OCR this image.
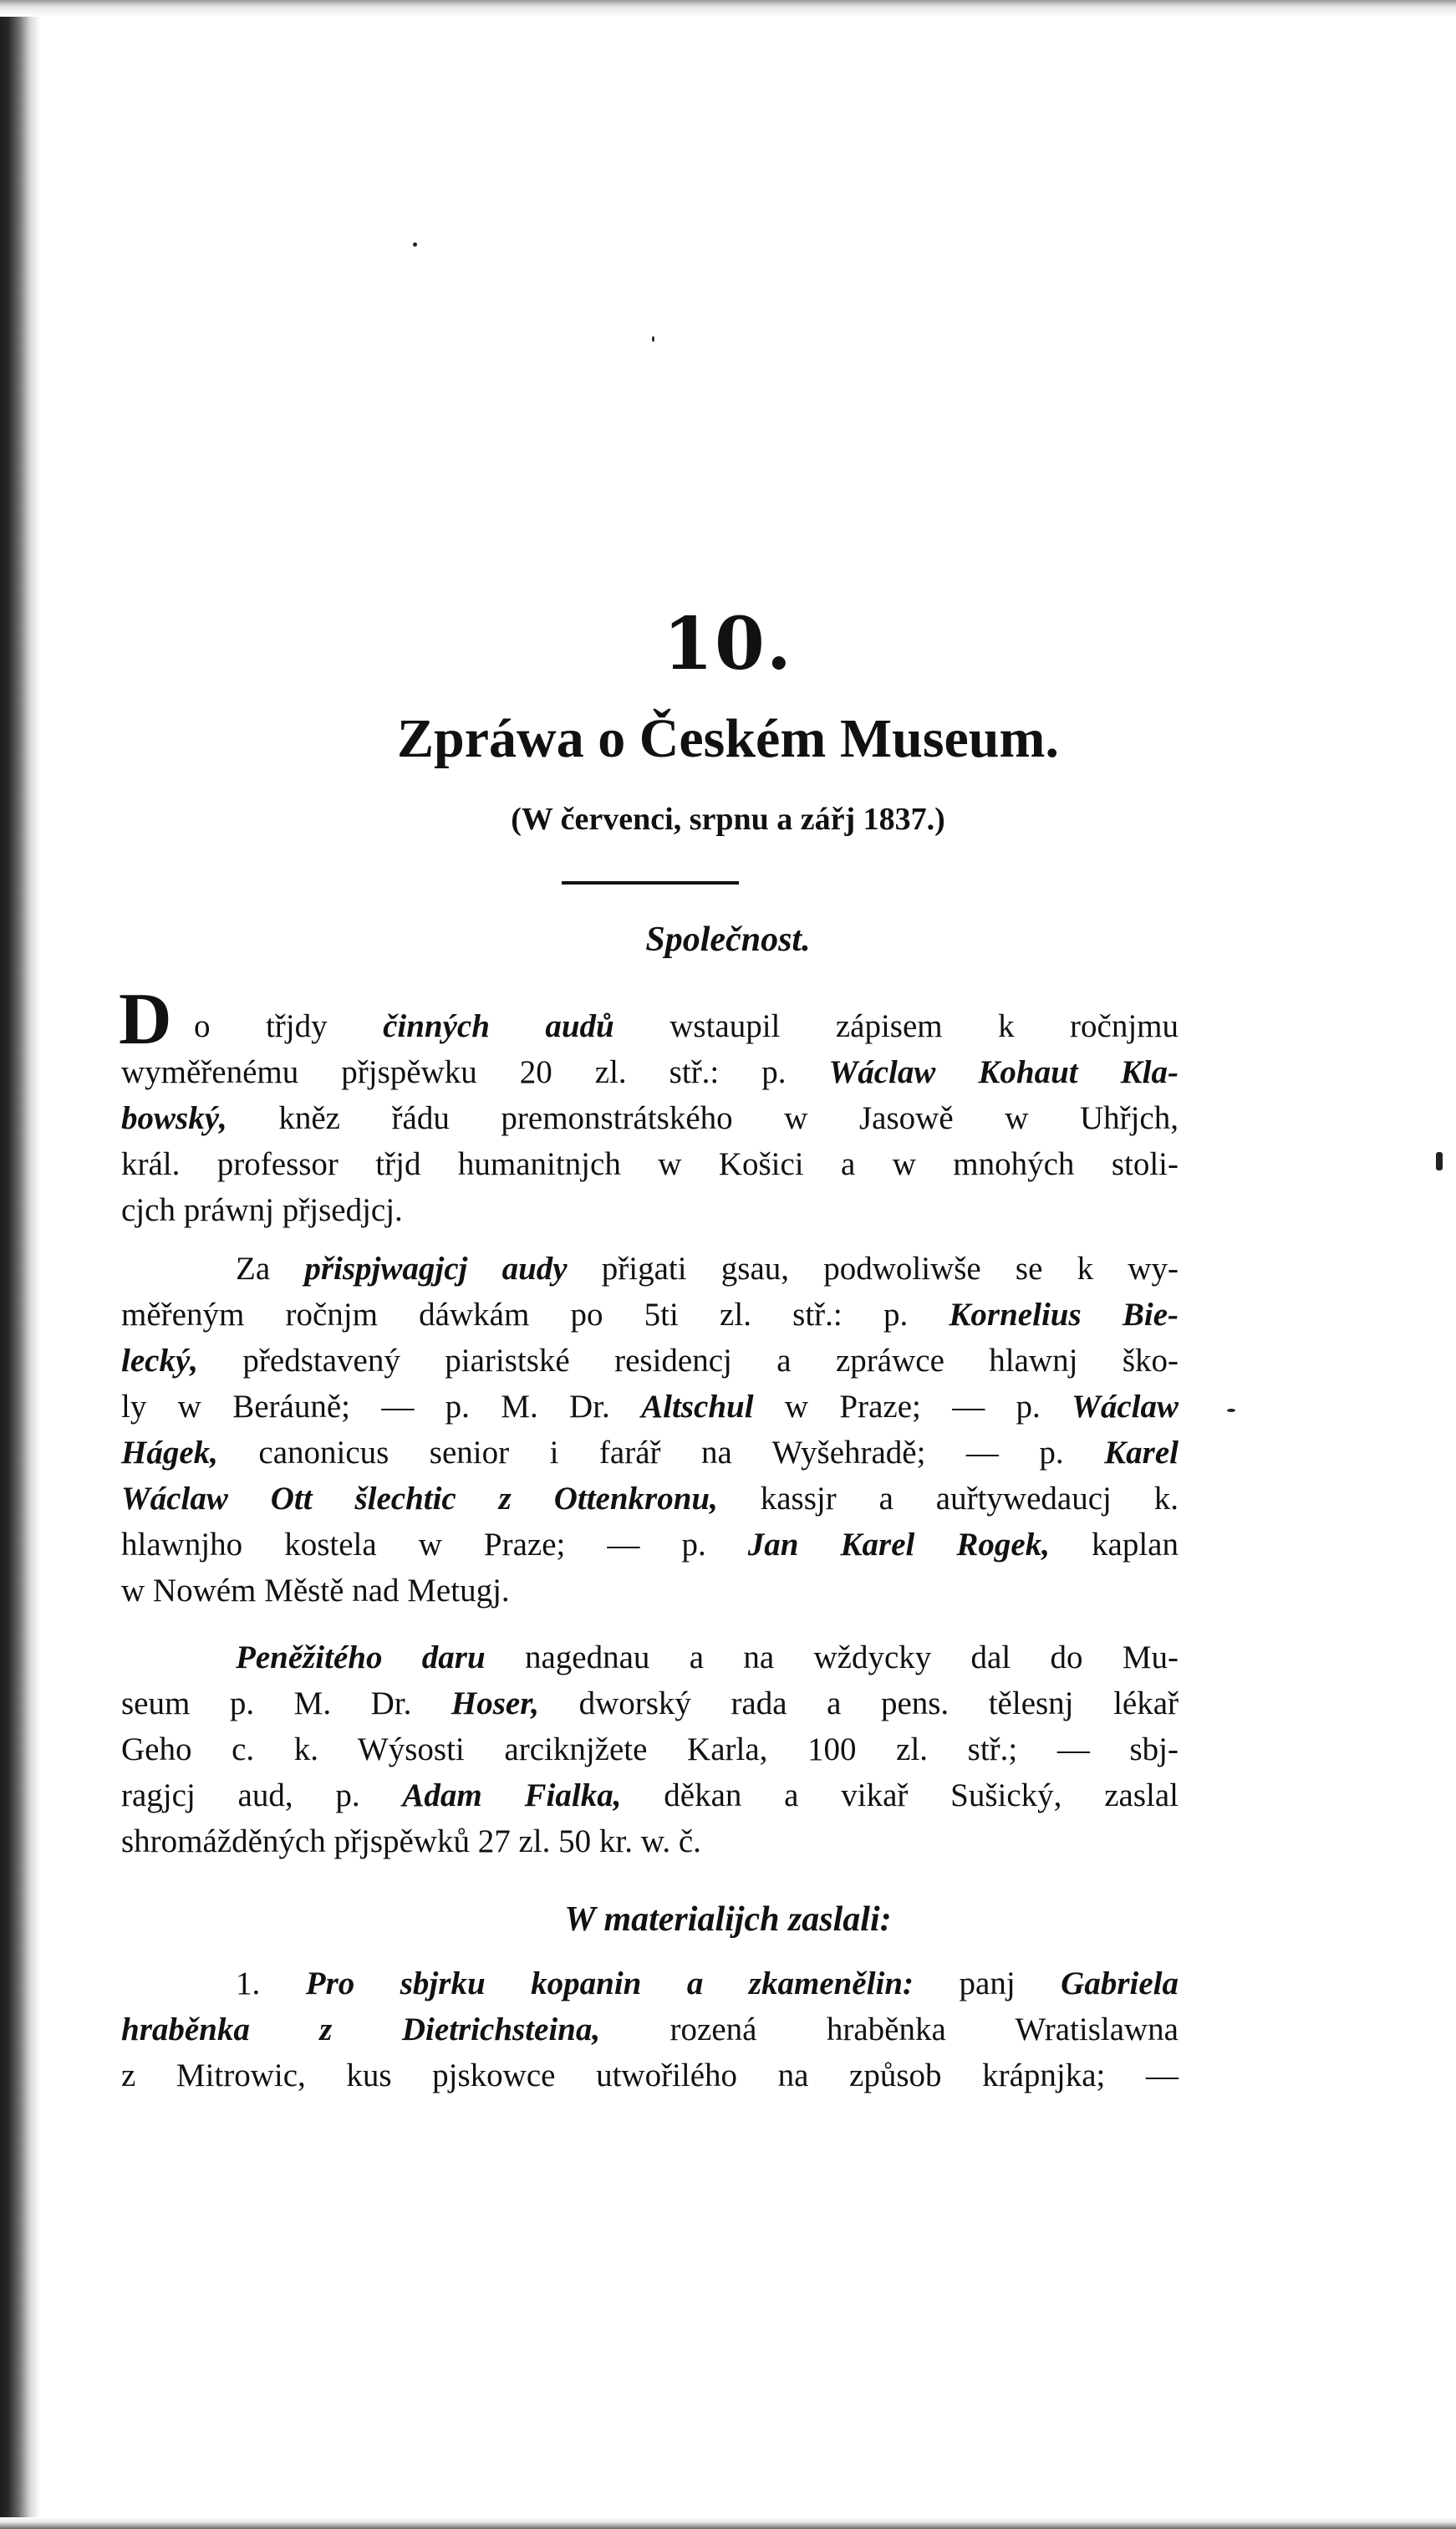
10.
Zpráwa o Českém Museum.
(W červenci, srpnu a zářj 1837.)
Společnost.
D o třjdy činných audů wstaupil zápisem k ročnjmu
wyměřenému přjspěwku 20 zl. stř.: p. Wáclaw Kohaut Kla-
bowský, kněz řádu premonstrátského w Jasowě w Uhřjch,
král. professor třjd humanitnjch w Košici a w mnohých stoli-
cjch práwnj přjsedjcj.
Za přispjwagjcj audy přigati gsau, podwoliwše se k wy-
měřeným ročnjm dáwkám po 5ti zl. stř.: p. Kornelius Bie-
lecký, představený piaristské residencj a zpráwce hlawnj ško-
ly w Beráuně; — p. M. Dr. Altschul w Praze; — p. Wáclaw
Hágek, canonicus senior i farář na Wyšehradě; — p. Karel
Wáclaw Ott šlechtic z Ottenkronu, kassjr a auřtywedaucj k.
hlawnjho kostela w Praze; — p. Jan Karel Rogek, kaplan
w Nowém Městě nad Metugj.
Peněžitého daru nagednau a na wždycky dal do Mu-
seum p. M. Dr. Hoser, dworský rada a pens. tělesnj lékař
Geho c. k. Wýsosti arciknjžete Karla, 100 zl. stř.; — sbj-
ragjcj aud, p. Adam Fialka, děkan a vikař Sušický, zaslal
shromážděných přjspěwků 27 zl. 50 kr. w. č.
W materialijch zaslali:
1. Pro sbjrku kopanin a zkamenělin: panj Gabriela
hraběnka z Dietrichsteina, rozená hraběnka Wratislawna
z Mitrowic, kus pjskowce utwořilého na způsob krápnjka; —
